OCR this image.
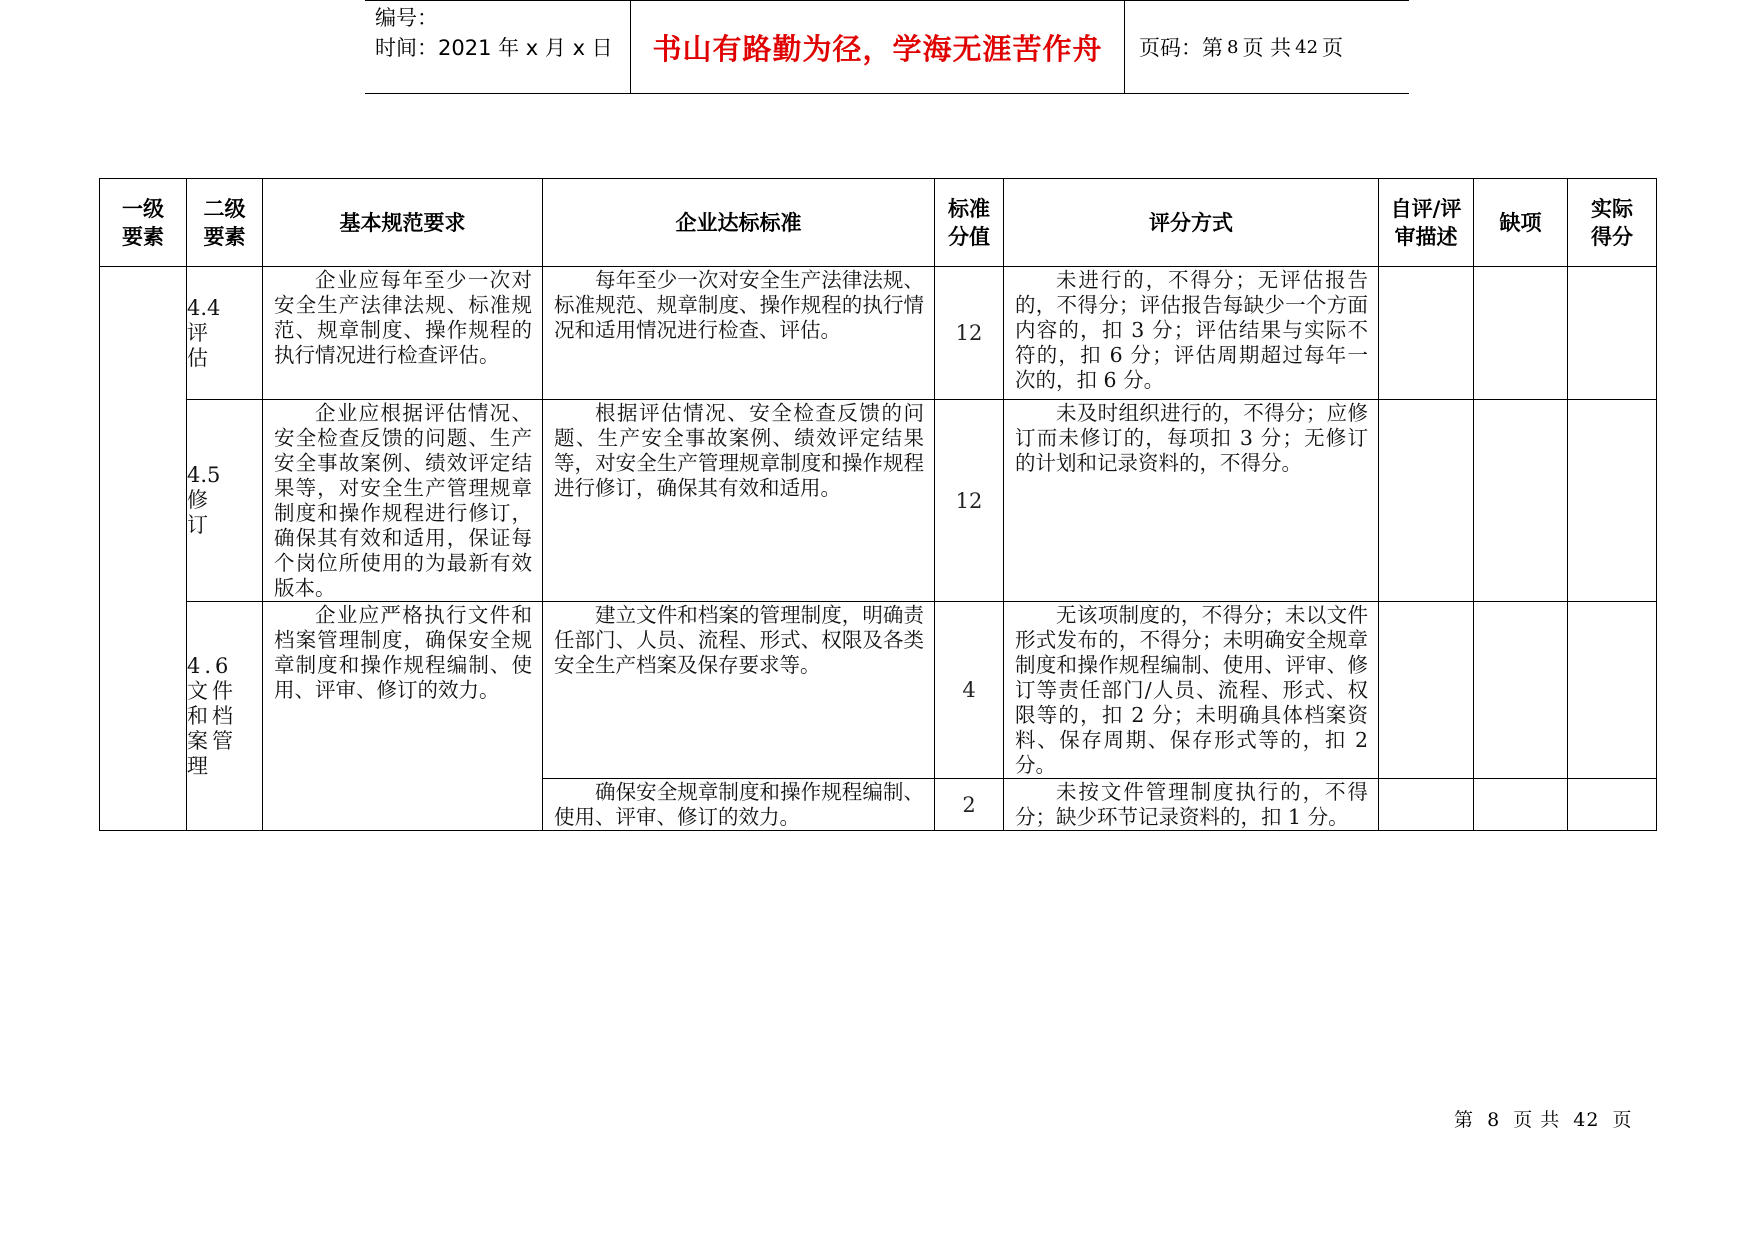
编号：
时间：2021 年 x 月 x 日	书山有路勤为径，学海无涯苦作舟	页码：第 8 页 共 42 页
一级要素	二级要素	基本规范要求	企业达标标准	标准分值	评分方式	自评/评审描述	缺项	实际得分

	4.4 评估	企业应每年至少一次对安全生产法律法规、标准规范、规章制度、操作规程的执行情况进行检查评估。	每年至少一次对安全生产法律法规、标准规范、规章制度、操作规程的执行情况和适用情况进行检查、评估。	12	未进行的，不得分；无评估报告的，不得分；评估报告每缺少一个方面内容的，扣 3 分；评估结果与实际不符的，扣 6 分；评估周期超过每年一次的，扣 6 分。			

	4.5 修订	企业应根据评估情况、安全检查反馈的问题、生产安全事故案例、绩效评定结果等，对安全生产管理规章制度和操作规程进行修订，确保其有效和适用，保证每个岗位所使用的为最新有效版本。	根据评估情况、安全检查反馈的问题、生产安全事故案例、绩效评定结果等，对安全生产管理规章制度和操作规程进行修订，确保其有效和适用。	12	未及时组织进行的，不得分；应修订而未修订的，每项扣 3 分；无修订的计划和记录资料的，不得分。			

	4.6 文件和档案管理	企业应严格执行文件和档案管理制度，确保安全规章制度和操作规程编制、使用、评审、修订的效力。	建立文件和档案的管理制度，明确责任部门、人员、流程、形式、权限及各类安全生产档案及保存要求等。	4	无该项制度的，不得分；未以文件形式发布的，不得分；未明确安全规章制度和操作规程编制、使用、评审、修订等责任部门/人员、流程、形式、权限等的，扣 2 分；未明确具体档案资料、保存周期、保存形式等的，扣 2 分。			

			确保安全规章制度和操作规程编制、使用、评审、修订的效力。	2	未按文件管理制度执行的，不得分；缺少环节记录资料的，扣 1 分。			

第 8 页 共 42 页
